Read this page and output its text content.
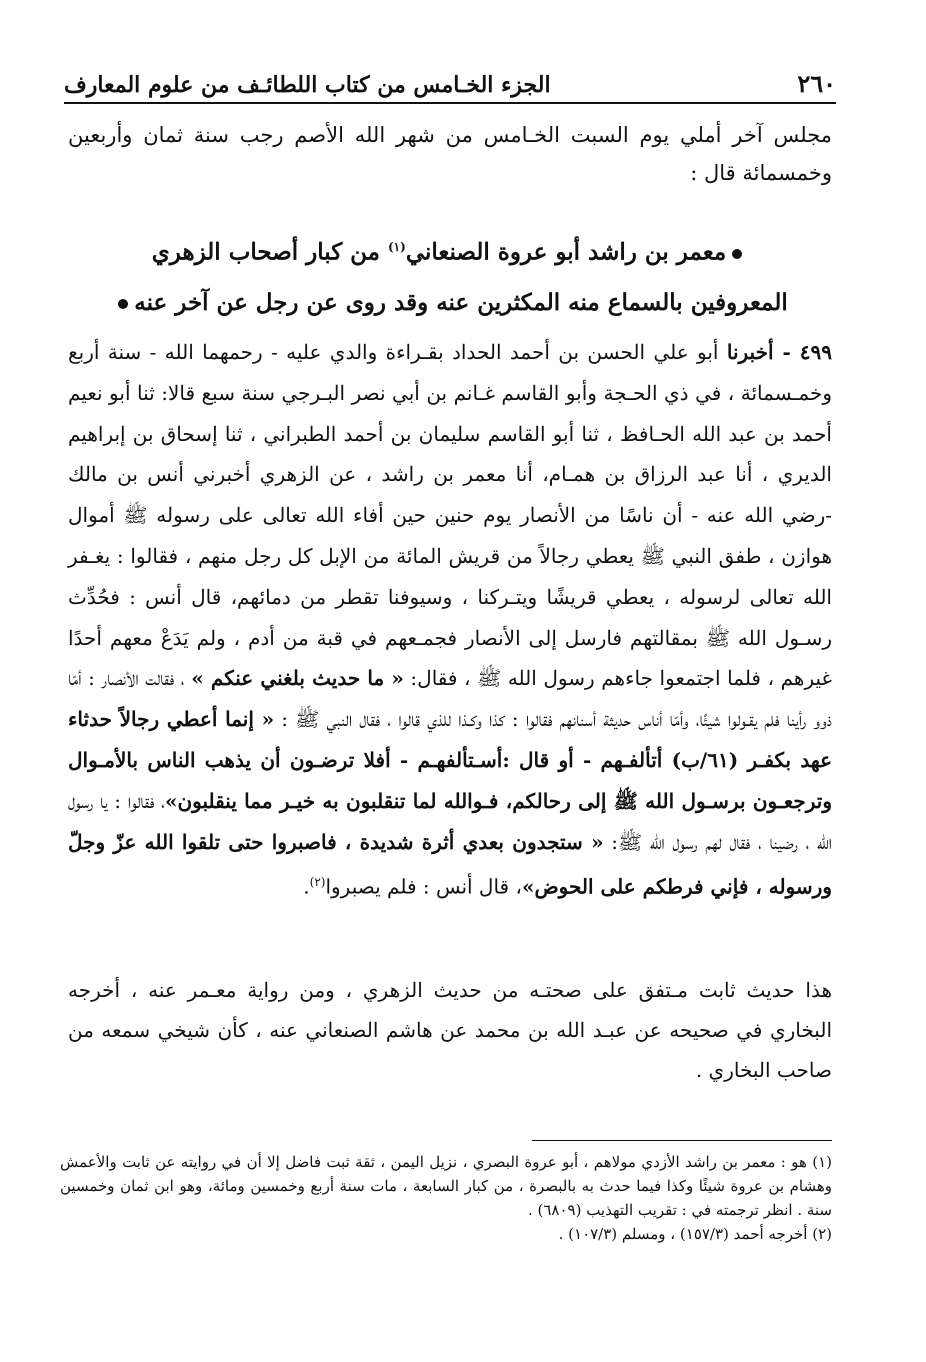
٢٦٠
الجزء الخـامس من كتاب اللطائـف من علوم المعارف
مجلس آخر أملي يوم السبت الخـامس من شهر الله الأصم رجب سنة ثمان وأربعين وخمسمائة قال :
معمر بن راشد أبو عروة الصنعاني$^{(١)}$ من كبار أصحاب الزهري
المعروفين بالسماع منه المكثرين عنه وقد روى عن رجل عن آخر عنه
٤٩٩ - أخبرنا أبو علي الحسن بن أحمد الحداد بقـراءة والدي عليه - رحمهما الله - سنة أربع وخمـسمائة ، في ذي الحـجة وأبو القاسم غـانم بن أبي نصر البـرجي سنة سبع قالا: ثنا أبو نعيم أحمد بن عبد الله الحـافظ ، ثنا أبو القاسم سليمان بن أحمد الطبراني ، ثنا إسحاق بن إبراهيم الديري ، أنا عبد الرزاق بن همـام، أنا معمر بن راشد ، عن الزهري أخبرني أنس بن مالك -رضي الله عنه - أن ناسًا من الأنصار يوم حنين حين أفاء الله تعالى على رسوله ﷺ أموال هوازن ، طفق النبي ﷺ يعطي رجالاً من قريش المائة من الإبل كل رجل منهم ، فقالوا : يغـفر الله تعالى لرسوله ، يعطي قريشًا ويتـركنا ، وسيوفنا تقطر من دمائهم، قال أنس : فحُدِّث رسـول الله ﷺ بمقالتهم فارسل إلى الأنصار فجمـعهم في قبة من أدم ، ولم يَدَعْ معهم أحدًا غيرهم ، فلما اجتمعوا جاءهم رسول الله ﷺ ، فقال: « ما حديث بلغني عنكم » ، فقالت الأنصار : أمّا ذوو رأينا فلم يقـولوا شيئًا، وأمّا أناس حديثة أسنانهم فقالوا : كذا وكـذا للذي قالوا ، فقال النبي ﷺ : « إنما أعطي رجالاً حدثاء عهد بكفـر (٦١/ب) أتألفـهم - أو قال :أسـتألفهـم - أفلا ترضـون أن يذهب الناس بالأمـوال وترجعـون برسـول الله ﷺ إلى رحالكم، فـوالله لما تنقلبون به خيـر مما ينقلبون»، فقالوا : يا رسول الله ، رضينا ، فقال لهم رسول الله ﷺ: « ستجدون بعدي أثرة شديدة ، فاصبروا حتى تلقوا الله عزّ وجلّ ورسوله ، فإني فرطكم على الحوض»، قال أنس : فلم يصبروا$^{(٢)}$.
هذا حديث ثابت مـتفق على صحتـه من حديث الزهري ، ومن رواية معـمر عنه ، أخرجه البخاري في صحيحه عن عبـد الله بن محمد عن هاشم الصنعاني عنه ، كأن شيخي سمعه من صاحب البخاري .

(١) هو : معمر بن راشد الأزدي مولاهم ، أبو عروة البصري ، نزيل اليمن ، ثقة ثبت فاضل إلا أن في روايته عن ثابت والأعمش وهشام بن عروة شيئًا وكذا فيما حدث به بالبصرة ، من كبار السابعة ، مات سنة أربع وخمسين ومائة، وهو ابن ثمان وخمسين سنة . انظر ترجمته في : تقريب التهذيب (٦٨٠٩) .

(٢) أخرجه أحمد (١٥٧/٣) ، ومسلم (١٠٧/٣) .
